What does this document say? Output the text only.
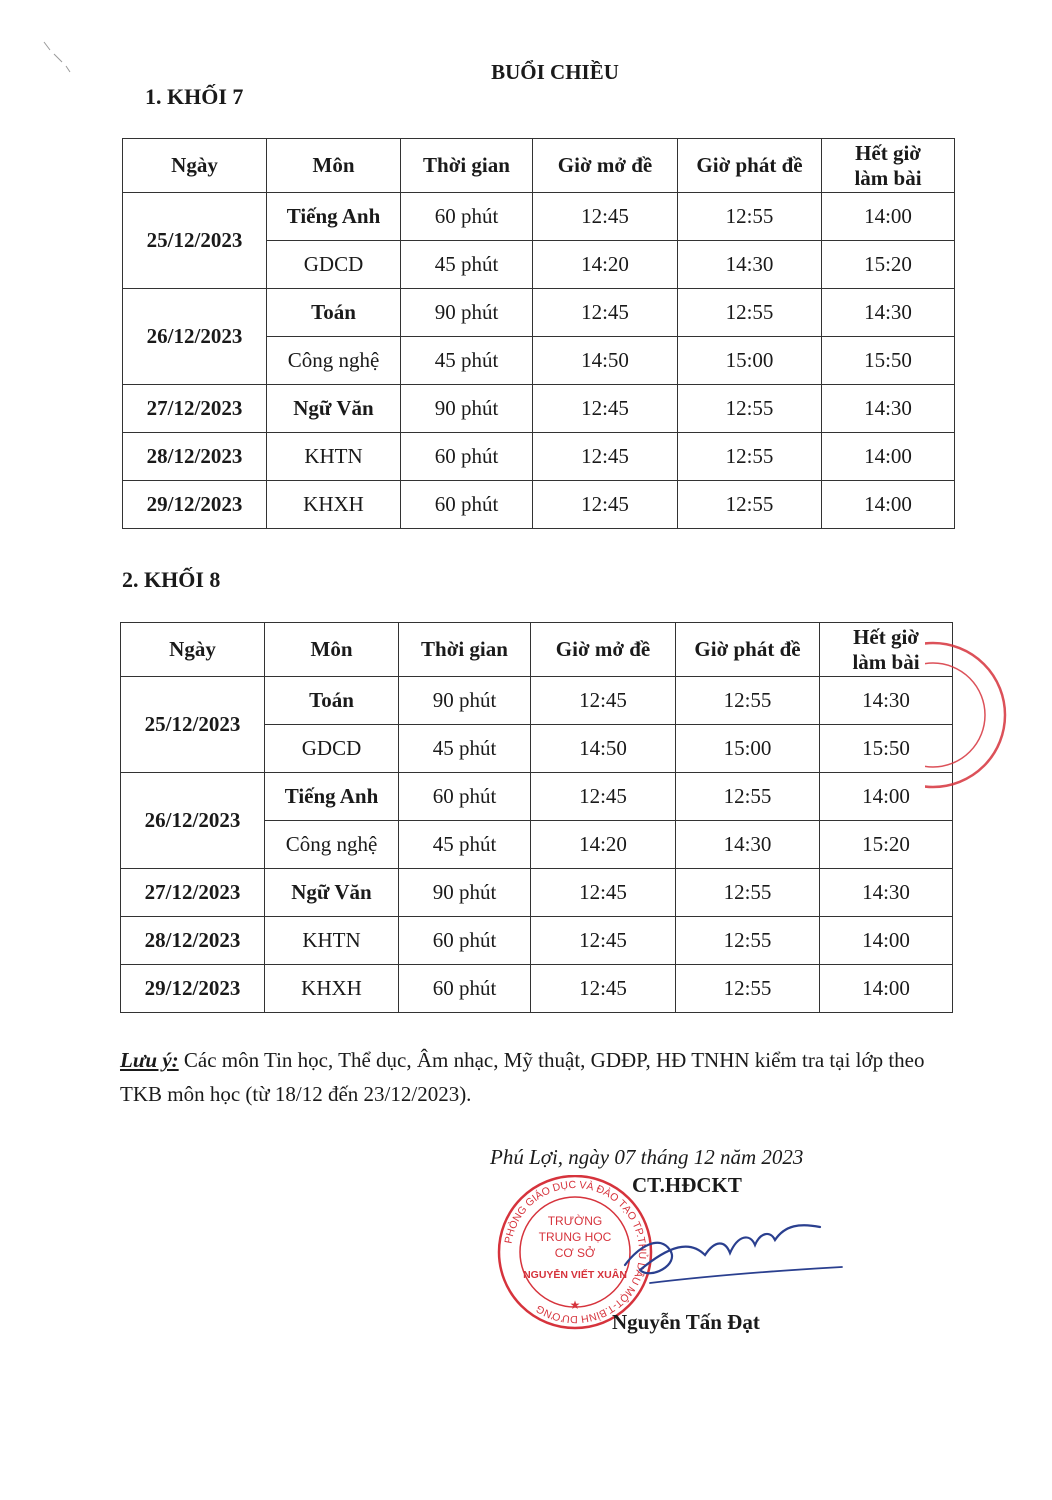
BUỔI CHIỀU
1. KHỐI 7
Ngày	Môn	Thời gian	Giờ mở đề	Giờ phát đề	Hết giờ làm bài
25/12/2023	Tiếng Anh	60 phút	12:45	12:55	14:00
	GDCD	45 phút	14:20	14:30	15:20
26/12/2023	Toán	90 phút	12:45	12:55	14:30
	Công nghệ	45 phút	14:50	15:00	15:50
27/12/2023	Ngữ Văn	90 phút	12:45	12:55	14:30
28/12/2023	KHTN	60 phút	12:45	12:55	14:00
29/12/2023	KHXH	60 phút	12:45	12:55	14:00
2. KHỐI 8
Ngày	Môn	Thời gian	Giờ mở đề	Giờ phát đề	Hết giờ làm bài
25/12/2023	Toán	90 phút	12:45	12:55	14:30
	GDCD	45 phút	14:50	15:00	15:50
26/12/2023	Tiếng Anh	60 phút	12:45	12:55	14:00
	Công nghệ	45 phút	14:20	14:30	15:20
27/12/2023	Ngữ Văn	90 phút	12:45	12:55	14:30
28/12/2023	KHTN	60 phút	12:45	12:55	14:00
29/12/2023	KHXH	60 phút	12:45	12:55	14:00
Lưu ý: Các môn Tin học, Thể dục, Âm nhạc, Mỹ thuật, GDĐP, HĐ TNHN kiểm tra tại lớp theo TKB môn học (từ 18/12 đến 23/12/2023).
Phú Lợi, ngày 07 tháng 12 năm 2023
CT.HĐCKT
PHÒNG GIÁO DỤC VÀ ĐÀO TẠO TP.THỦ DẦU MỘT-T.BÌNH DƯƠNG
TRƯỜNG
TRUNG HỌC
CƠ SỞ
NGUYỄN VIẾT XUÂN
★
Nguyễn Tấn Đạt
